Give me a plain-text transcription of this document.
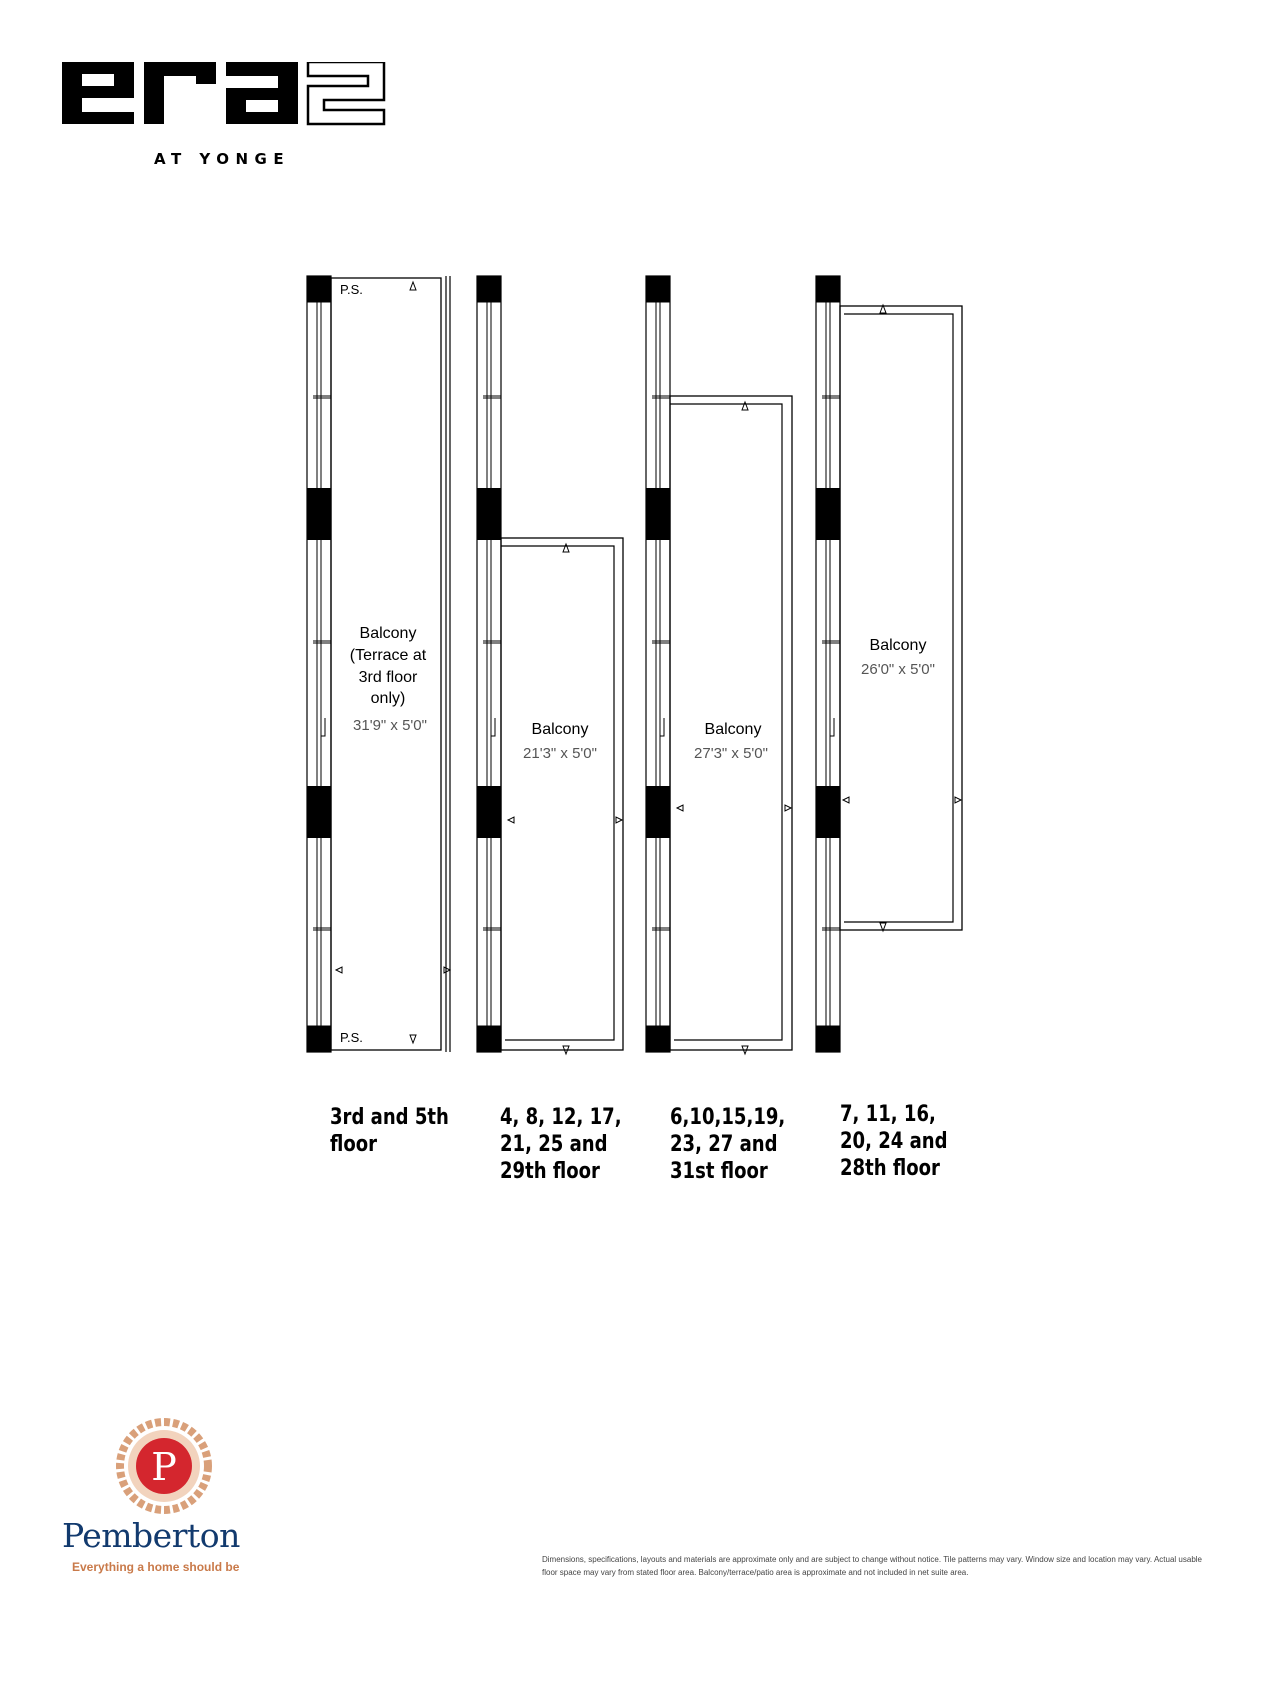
AT YONGE
P.S.
P.S.
Balcony
(Terrace at
3rd floor
only)
31'9" x 5'0"	Balcony
21'3" x 5'0"
Balcony
27'3" x 5'0"
Balcony
26'0" x 5'0"
3rd and 5th
floor
4, 8, 12, 17,
21, 25 and
29th floor
6,10,15,19,
23, 27 and
31st floor
7, 11, 16,
20, 24 and
28th floor
P
Pemberton
Everything a home should be
Dimensions, specifications, layouts and materials are approximate only and are subject to change without notice. Tile patterns may vary. Window size and location may vary. Actual usable floor space may vary from stated floor area. Balcony/terrace/patio area is approximate and not included in net suite area.
